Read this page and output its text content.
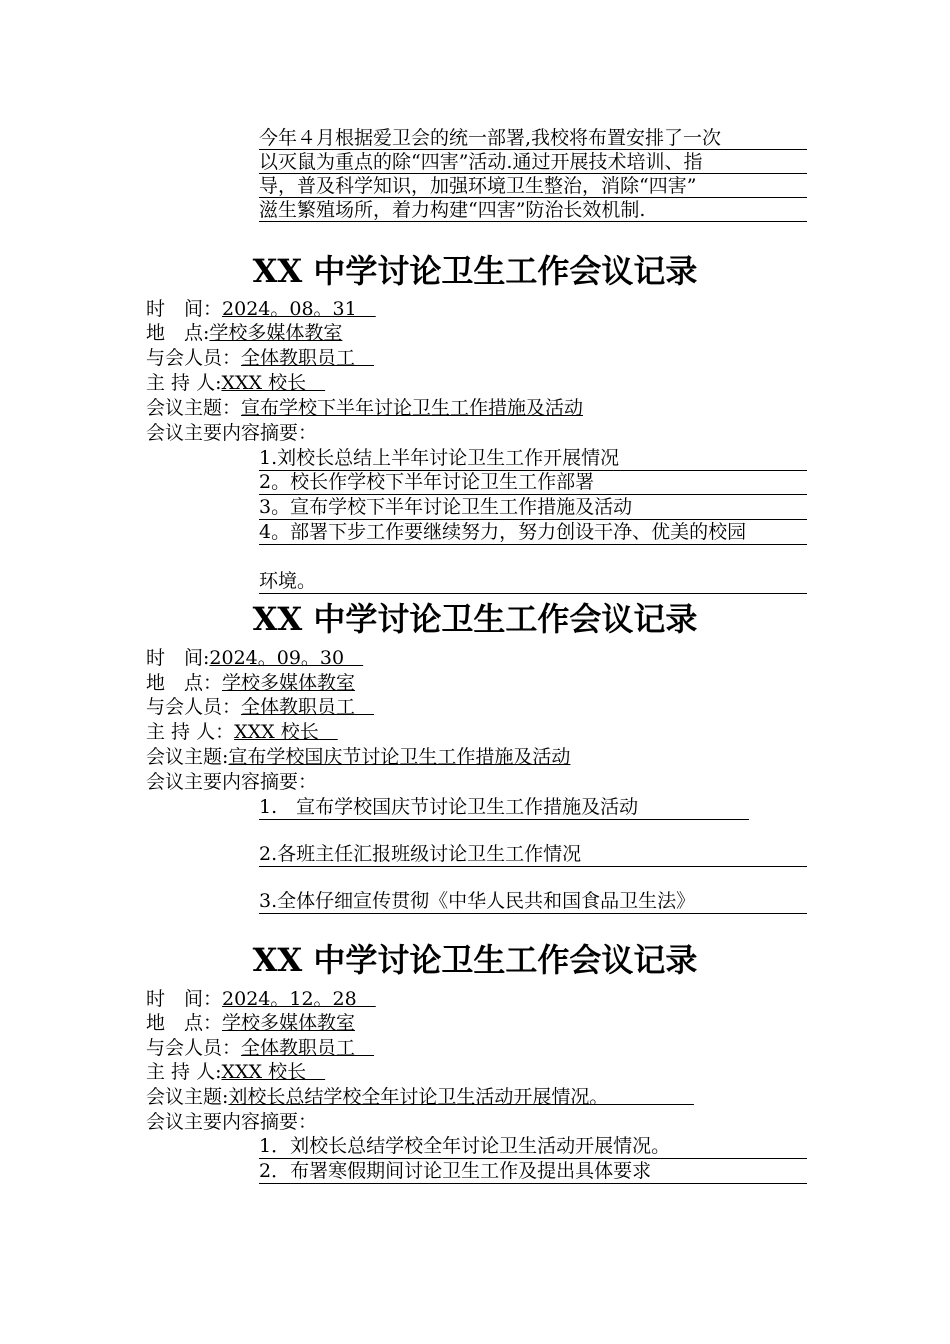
今年４月根据爱卫会的统一部署,我校将布置安排了一次
以灭鼠为重点的除“四害”活动.通过开展技术培训、指
导，普及科学知识，加强环境卫生整治，消除“四害”
滋生繁殖场所，着力构建“四害”防治长效机制.
XX 中学讨论卫生工作会议记录
时　间：2024。08。31　
地　点:学校多媒体教室
与会人员：全体教职员工　
主 持 人:XXX 校长　
会议主题：宣布学校下半年讨论卫生工作措施及活动
会议主要内容摘要：
1.刘校长总结上半年讨论卫生工作开展情况
2。校长作学校下半年讨论卫生工作部署
3。宣布学校下半年讨论卫生工作措施及活动
4。部署下步工作要继续努力，努力创设干净、优美的校园
环境。
XX 中学讨论卫生工作会议记录
时　间:2024。09。30　
地　点：学校多媒体教室
与会人员：全体教职员工　
主 持 人：XXX 校长　
会议主题:宣布学校国庆节讨论卫生工作措施及活动
会议主要内容摘要：
1.　宣布学校国庆节讨论卫生工作措施及活动
2.各班主任汇报班级讨论卫生工作情况
3.全体仔细宣传贯彻《中华人民共和国食品卫生法》
XX 中学讨论卫生工作会议记录
时　间：2024。12。28　
地　点：学校多媒体教室
与会人员：全体教职员工　
主 持 人:XXX 校长　
会议主题:刘校长总结学校全年讨论卫生活动开展情况。　　　　　
会议主要内容摘要：
1．刘校长总结学校全年讨论卫生活动开展情况。
2．布署寒假期间讨论卫生工作及提出具体要求
